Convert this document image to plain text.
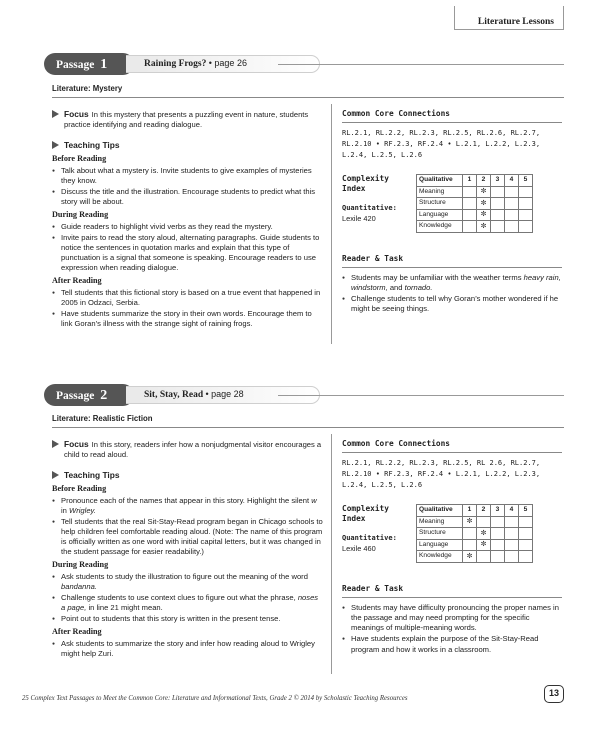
Literature Lessons
Passage 1	Raining Frogs? • page 26
Literature: Mystery
Focus In this mystery that presents a puzzling event in nature, students practice identifying and reading dialogue.
Teaching Tips
Before Reading
● Talk about what a mystery is. Invite students to give examples of mysteries they know.
● Discuss the title and the illustration. Encourage students to predict what this story will be about.
During Reading
● Guide readers to highlight vivid verbs as they read the mystery.
● Invite pairs to read the story aloud, alternating paragraphs. Guide students to notice the sentences in quotation marks and explain that this type of punctuation is a signal that someone is speaking. Encourage readers to use expression when reading dialogue.
After Reading
● Tell students that this fictional story is based on a true event that happened in 2005 in Odzaci, Serbia.
● Have students summarize the story in their own words. Encourage them to link Goran’s illness with the strange sight of raining frogs.
Common Core Connections
RL.2.1, RL.2.2, RL.2.3, RL.2.5, RL.2.6, RL.2.7, RL.2.10 • RF.2.3, RF.2.4 • L.2.1, L.2.2, L.2.3, L.2.4, L.2.5, L.2.6
Complexity Index
Quantitative:
Lexile 420
Qualitative	1	2	3	4	5
Meaning		✼			
Structure		✼			
Language		✼			
Knowledge		✼			
Reader & Task
● Students may be unfamiliar with the weather terms heavy rain, windstorm, and tornado.
● Challenge students to tell why Goran’s mother wondered if he might be seeing things.
Passage 2	Sit, Stay, Read • page 28
Literature: Realistic Fiction
Focus In this story, readers infer how a nonjudgmental visitor encourages a child to read aloud.
Teaching Tips
Before Reading
● Pronounce each of the names that appear in this story. Highlight the silent w in Wrigley.
● Tell students that the real Sit-Stay-Read program began in Chicago schools to help children feel comfortable reading aloud. (Note: The name of this program is officially written as one word with initial capital letters, but it was changed in the student passage for easier readability.)
During Reading
● Ask students to study the illustration to figure out the meaning of the word bandanna.
● Challenge students to use context clues to figure out what the phrase, noses a page, in line 21 might mean.
● Point out to students that this story is written in the present tense.
After Reading
● Ask students to summarize the story and infer how reading aloud to Wrigley might help Zuri.
Common Core Connections
RL.2.1, RL.2.2, RL.2.3, RL.2.5, RL 2.6, RL.2.7, RL.2.10 • RF.2.3, RF.2.4 • L.2.1, L.2.2, L.2.3, L.2.4, L.2.5, L.2.6
Complexity Index
Quantitative:
Lexile 460
Qualitative	1	2	3	4	5
Meaning	✼				
Structure		✼			
Language		✼			
Knowledge	✼				
Reader & Task
● Students may have difficulty pronouncing the proper names in the passage and may need prompting for the specific meanings of multiple-meaning words.
● Have students explain the purpose of the Sit-Stay-Read program and how it works in a classroom.
25 Complex Text Passages to Meet the Common Core: Literature and Informational Texts, Grade 2 © 2014 by Scholastic Teaching Resources
13
